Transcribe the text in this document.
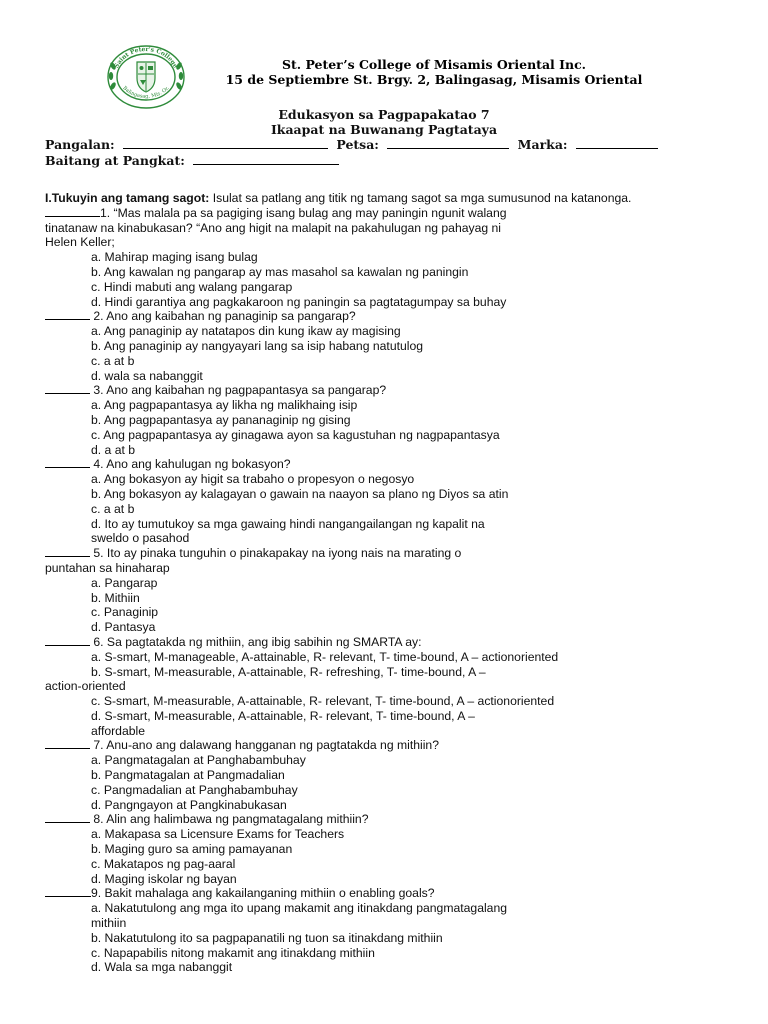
Saint Peter's College
Balingasag, Mis. Or.
St. Peter’s College of Misamis Oriental Inc.
15 de Septiembre St. Brgy. 2, Balingasag, Misamis Oriental
Edukasyon sa Pagpapakatao 7
Ikaapat na Buwanang Pagtataya
Pangalan:	Petsa:	Marka:
Baitang at Pangkat:
I.Tukuyin ang tamang sagot: Isulat sa patlang ang titik ng tamang sagot sa mga sumusunod na katanonga.
1. “Mas malala pa sa pagiging isang bulag ang may paningin ngunit walang
tinatanaw na kinabukasan? “Ano ang higit na malapit na pakahulugan ng pahayag ni
Helen Keller;
a. Mahirap maging isang bulag
b. Ang kawalan ng pangarap ay mas masahol sa kawalan ng paningin
c. Hindi mabuti ang walang pangarap
d. Hindi garantiya ang pagkakaroon ng paningin sa pagtatagumpay sa buhay
2. Ano ang kaibahan ng panaginip sa pangarap?
a. Ang panaginip ay natatapos din kung ikaw ay magising
b. Ang panaginip ay nangyayari lang sa isip habang natutulog
c. a at b
d. wala sa nabanggit
3. Ano ang kaibahan ng pagpapantasya sa pangarap?
a. Ang pagpapantasya ay likha ng malikhaing isip
b. Ang pagpapantasya ay pananaginip ng gising
c. Ang pagpapantasya ay ginagawa ayon sa kagustuhan ng nagpapantasya
d. a at b
4. Ano ang kahulugan ng bokasyon?
a. Ang bokasyon ay higit sa trabaho o propesyon o negosyo
b. Ang bokasyon ay kalagayan o gawain na naayon sa plano ng Diyos sa atin
c. a at b
d. Ito ay tumutukoy sa mga gawaing hindi nangangailangan ng kapalit na
sweldo o pasahod
5. Ito ay pinaka tunguhin o pinakapakay na iyong nais na marating o
puntahan sa hinaharap
a. Pangarap
b. Mithiin
c. Panaginip
d. Pantasya
6. Sa pagtatakda ng mithiin, ang ibig sabihin ng SMARTA ay:
a. S-smart, M-manageable, A-attainable, R- relevant, T- time-bound, A – actionoriented
b. S-smart, M-measurable, A-attainable, R- refreshing, T- time-bound, A –
action-oriented
c. S-smart, M-measurable, A-attainable, R- relevant, T- time-bound, A – actionoriented
d. S-smart, M-measurable, A-attainable, R- relevant, T- time-bound, A –
affordable
7. Anu-ano ang dalawang hangganan ng pagtatakda ng mithiin?
a. Pangmatagalan at Panghabambuhay
b. Pangmatagalan at Pangmadalian
c. Pangmadalian at Panghabambuhay
d. Pangngayon at Pangkinabukasan
8. Alin ang halimbawa ng pangmatagalang mithiin?
a. Makapasa sa Licensure Exams for Teachers
b. Maging guro sa aming pamayanan
c. Makatapos ng pag-aaral
d. Maging iskolar ng bayan
9. Bakit mahalaga ang kakailanganing mithiin o enabling goals?
a. Nakatutulong ang mga ito upang makamit ang itinakdang pangmatagalang
mithiin
b. Nakatutulong ito sa pagpapanatili ng tuon sa itinakdang mithiin
c. Napapabilis nitong makamit ang itinakdang mithiin
d. Wala sa mga nabanggit
